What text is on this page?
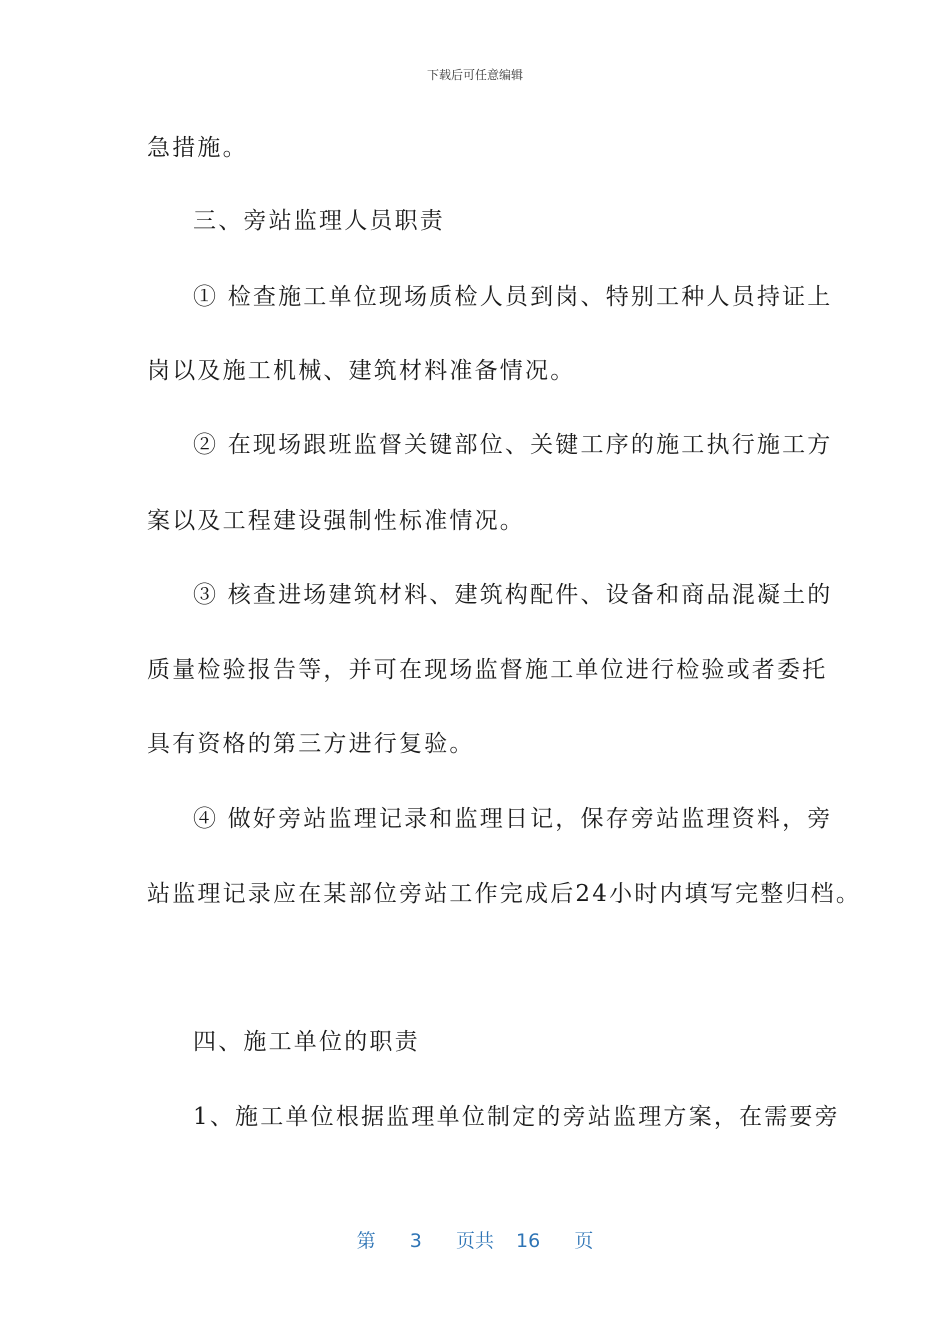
下载后可任意编辑
急措施。
三、旁站监理人员职责
① 检查施工单位现场质检人员到岗、特别工种人员持证上
岗以及施工机械、建筑材料准备情况。
② 在现场跟班监督关键部位、关键工序的施工执行施工方
案以及工程建设强制性标准情况。
③ 核查进场建筑材料、建筑构配件、设备和商品混凝土的
质量检验报告等，并可在现场监督施工单位进行检验或者委托
具有资格的第三方进行复验。
④ 做好旁站监理记录和监理日记，保存旁站监理资料，旁
站监理记录应在某部位旁站工作完成后24小时内填写完整归档。
四、施工单位的职责
1、施工单位根据监理单位制定的旁站监理方案，在需要旁
第 3 页共 16 页
